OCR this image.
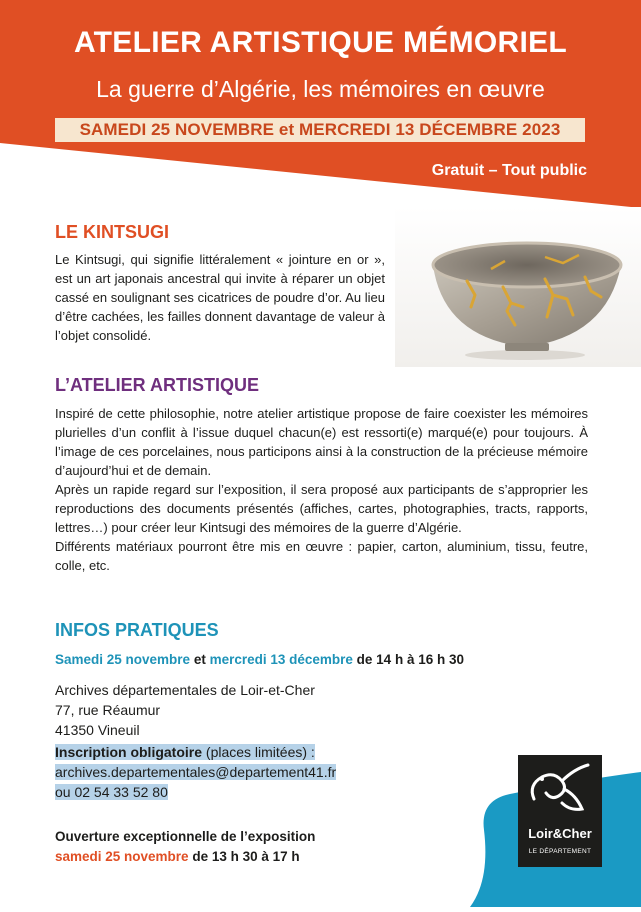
ATELIER ARTISTIQUE MÉMORIEL
La guerre d’Algérie, les mémoires en œuvre
SAMEDI 25 NOVEMBRE et MERCREDI 13 DÉCEMBRE 2023
Gratuit – Tout public
LE KINTSUGI

Le Kintsugi, qui signifie littéralement « jointure en or », est un art japonais ancestral qui invite à réparer un objet cassé en soulignant ses cicatrices de poudre d’or. Au lieu d’être cachées, les failles donnent davantage de valeur à l’objet consolidé.

L’ATELIER ARTISTIQUE

Inspiré de cette philosophie, notre atelier artistique propose de faire coexister les mémoires plurielles d’un conflit à l’issue duquel chacun(e) est ressorti(e) marqué(e) pour toujours. À l’image de ces porcelaines, nous participons ainsi à la construction de la précieuse mémoire d’aujourd’hui et de demain.

Après un rapide regard sur l’exposition, il sera proposé aux participants de s’approprier les reproductions des documents présentés (affiches, cartes, photographies, tracts, rapports, lettres…) pour créer leur Kintsugi des mémoires de la guerre d’Algérie.

Différents matériaux pourront être mis en œuvre : papier, carton, aluminium, tissu, feutre, colle, etc.

INFOS PRATIQUES

Samedi 25 novembre et mercredi 13 décembre de 14 h à 16 h 30

Archives départementales de Loir-et-Cher
77, rue Réaumur
41350 Vineuil
Inscription obligatoire (places limitées) :
archives.departementales@departement41.fr
ou 02 54 33 52 80
Ouverture exceptionnelle de l’exposition
samedi 25 novembre de 13 h 30 à 17 h
Loir&Cher
LE DÉPARTEMENT
